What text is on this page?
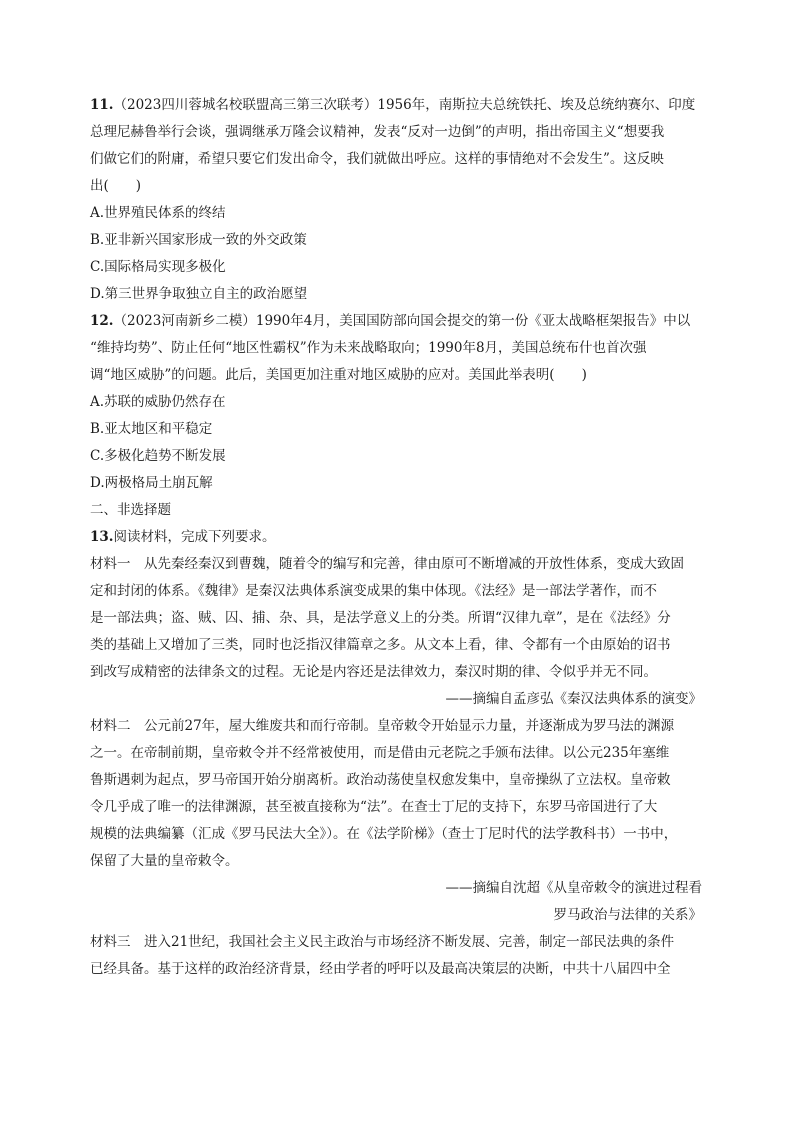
11.（2023四川蓉城名校联盟高三第三次联考）1956年，南斯拉夫总统铁托、埃及总统纳赛尔、印度
总理尼赫鲁举行会谈，强调继承万隆会议精神，发表“反对一边倒”的声明，指出帝国主义“想要我
们做它们的附庸，希望只要它们发出命令，我们就做出呼应。这样的事情绝对不会发生”。这反映
出(　　)
A.世界殖民体系的终结
B.亚非新兴国家形成一致的外交政策
C.国际格局实现多极化
D.第三世界争取独立自主的政治愿望
12.（2023河南新乡二模）1990年4月，美国国防部向国会提交的第一份《亚太战略框架报告》中以
“维持均势”、防止任何“地区性霸权”作为未来战略取向；1990年8月，美国总统布什也首次强
调“地区威胁”的问题。此后，美国更加注重对地区威胁的应对。美国此举表明(　　)
A.苏联的威胁仍然存在
B.亚太地区和平稳定
C.多极化趋势不断发展
D.两极格局土崩瓦解
二、非选择题
13.阅读材料，完成下列要求。
材料一　从先秦经秦汉到曹魏，随着令的编写和完善，律由原可不断增减的开放性体系，变成大致固
定和封闭的体系。《魏律》是秦汉法典体系演变成果的集中体现。《法经》是一部法学著作，而不
是一部法典；盗、贼、囚、捕、杂、具，是法学意义上的分类。所谓“汉律九章”，是在《法经》分
类的基础上又增加了三类，同时也泛指汉律篇章之多。从文本上看，律、令都有一个由原始的诏书
到改写成精密的法律条文的过程。无论是内容还是法律效力，秦汉时期的律、令似乎并无不同。
——摘编自孟彦弘《秦汉法典体系的演变》
材料二　公元前27年，屋大维废共和而行帝制。皇帝敕令开始显示力量，并逐渐成为罗马法的渊源
之一。在帝制前期，皇帝敕令并不经常被使用，而是借由元老院之手颁布法律。以公元235年塞维
鲁斯遇刺为起点，罗马帝国开始分崩离析。政治动荡使皇权愈发集中，皇帝操纵了立法权。皇帝敕
令几乎成了唯一的法律渊源，甚至被直接称为“法”。在查士丁尼的支持下，东罗马帝国进行了大
规模的法典编纂（汇成《罗马民法大全》）。在《法学阶梯》（查士丁尼时代的法学教科书）一书中，
保留了大量的皇帝敕令。
——摘编自沈超《从皇帝敕令的演进过程看
罗马政治与法律的关系》
材料三　进入21世纪，我国社会主义民主政治与市场经济不断发展、完善，制定一部民法典的条件
已经具备。基于这样的政治经济背景，经由学者的呼吁以及最高决策层的决断，中共十八届四中全
